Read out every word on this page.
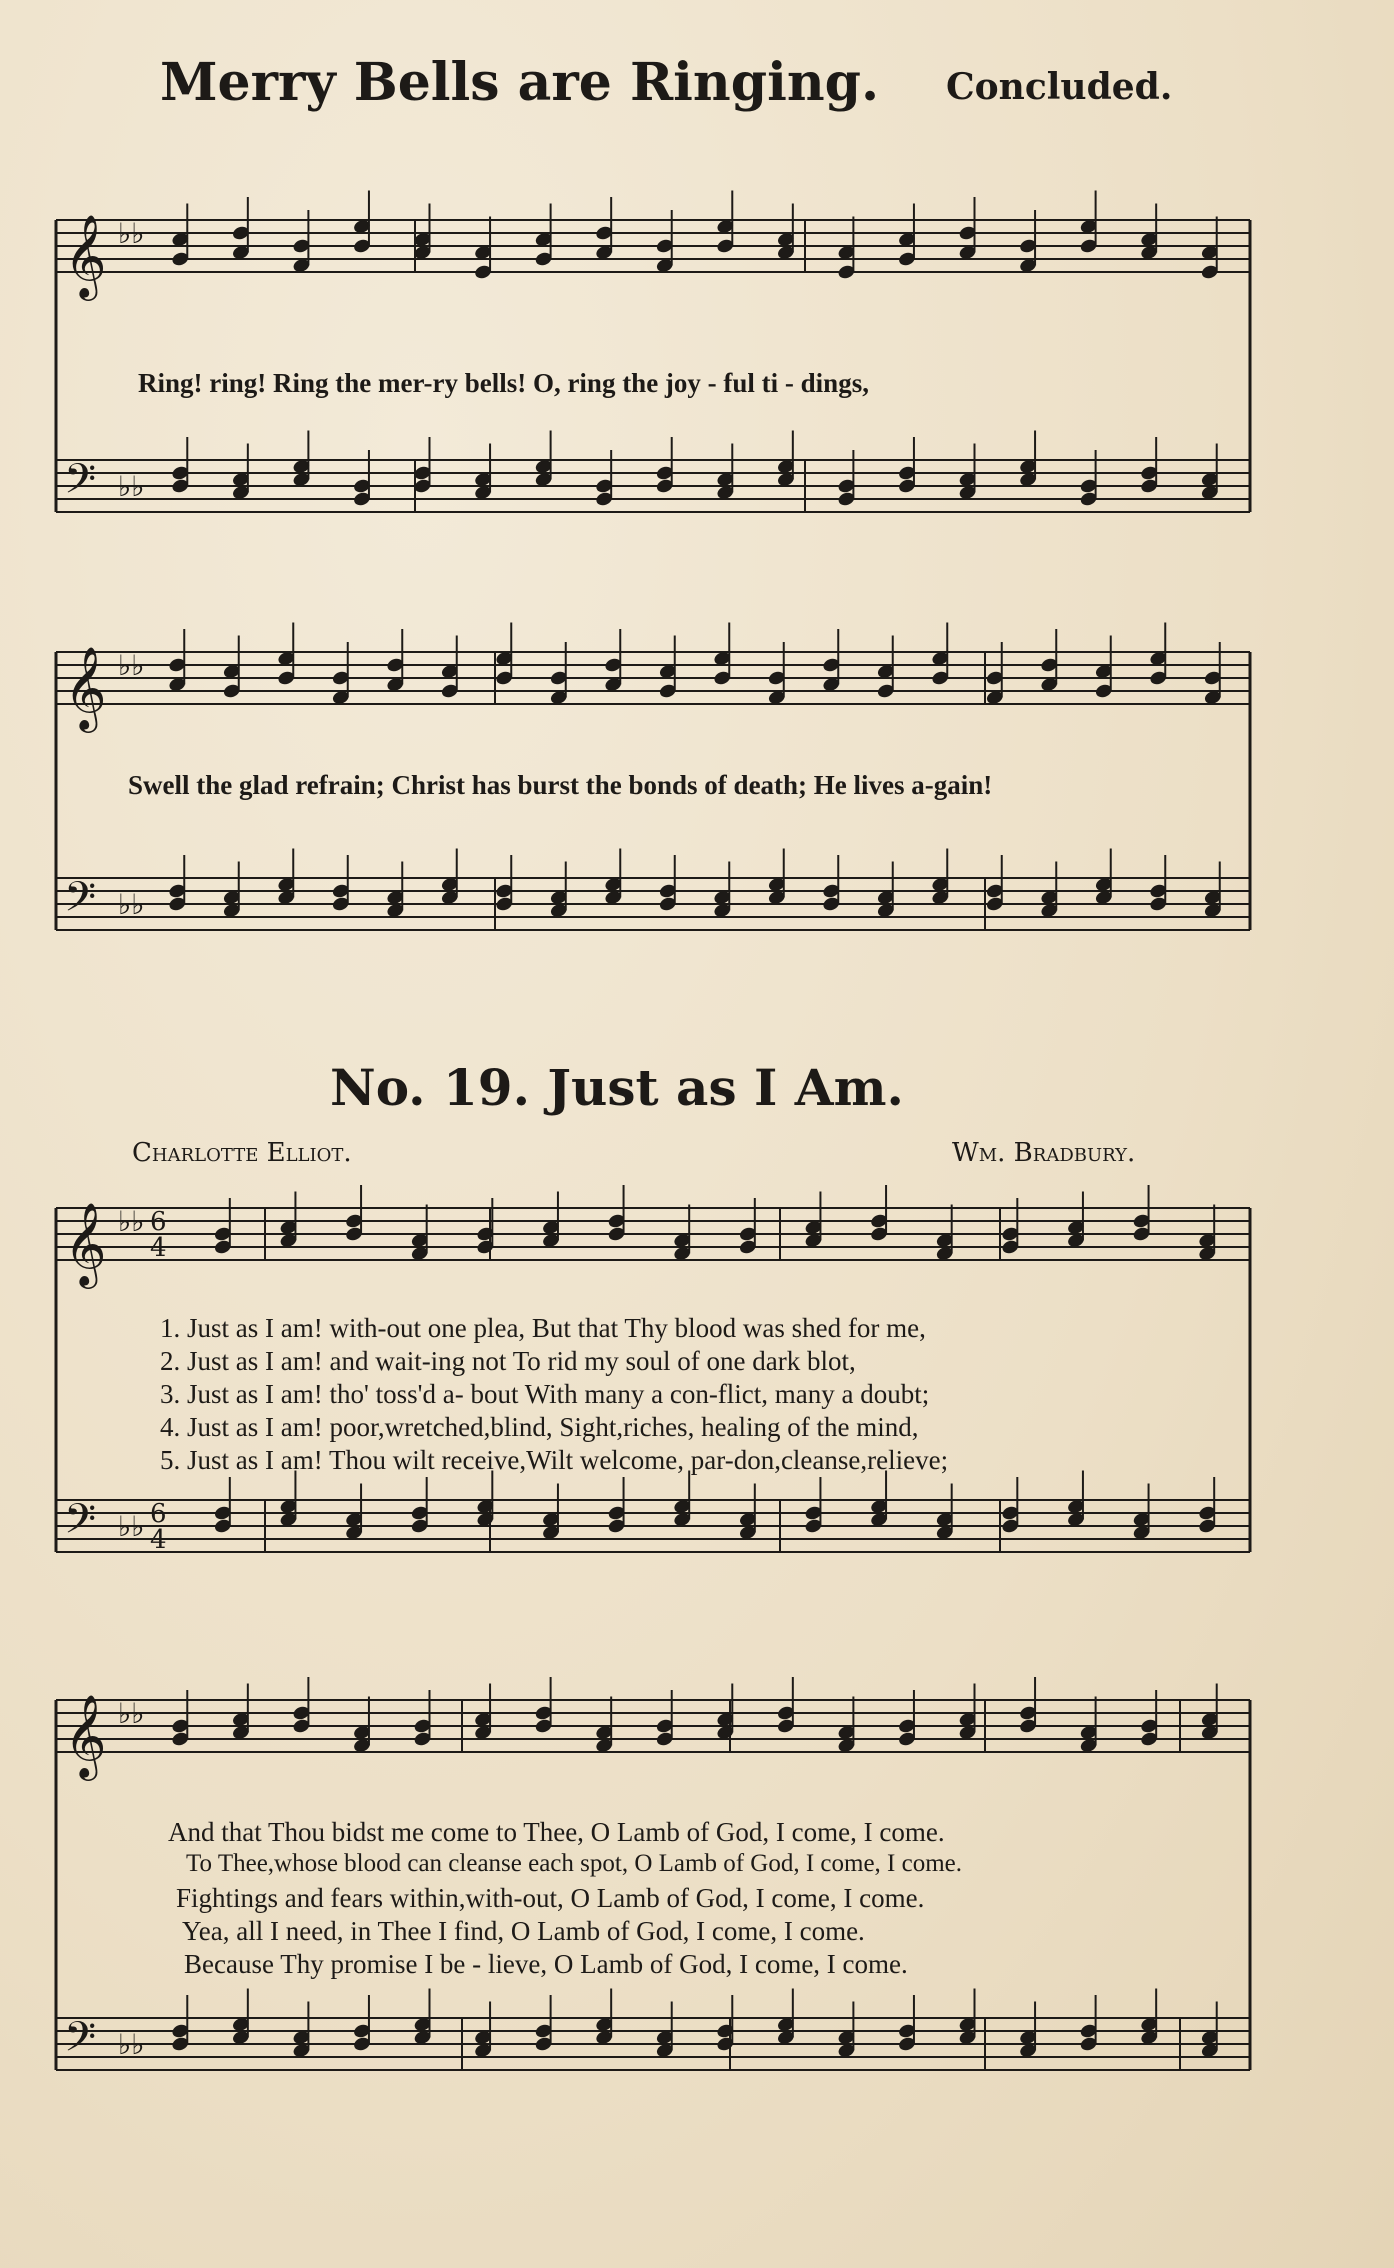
Merry Bells are Ringing. Concluded.
𝄞
𝄢
♭♭
♭♭
𝄞
𝄢
♭♭
♭♭
𝄞
𝄢
♭♭
♭♭
6
4
6
4
𝄞
𝄢
♭♭
♭♭
Ring! ring! Ring the mer-ry bells! O, ring the joy - ful ti - dings,
Swell the glad refrain; Christ has burst the bonds of death; He lives a-gain!
No. 19. Just as I Am.
Charlotte Elliot.	Wm. Bradbury.
1. Just as I am! with-out one plea, But that Thy blood was shed for me,
2. Just as I am! and wait-ing not To rid my soul of one dark blot,
3. Just as I am! tho' toss'd a- bout With many a con-flict, many a doubt;
4. Just as I am! poor,wretched,blind, Sight,riches, healing of the mind,
5. Just as I am! Thou wilt receive,Wilt welcome, par-don,cleanse,relieve;
And that Thou bidst me come to Thee, O Lamb of God, I come, I come.
To Thee,whose blood can cleanse each spot, O Lamb of God, I come, I come.
Fightings and fears within,with-out, O Lamb of God, I come, I come.
Yea, all I need, in Thee I find, O Lamb of God, I come, I come.
Because Thy promise I be - lieve, O Lamb of God, I come, I come.
